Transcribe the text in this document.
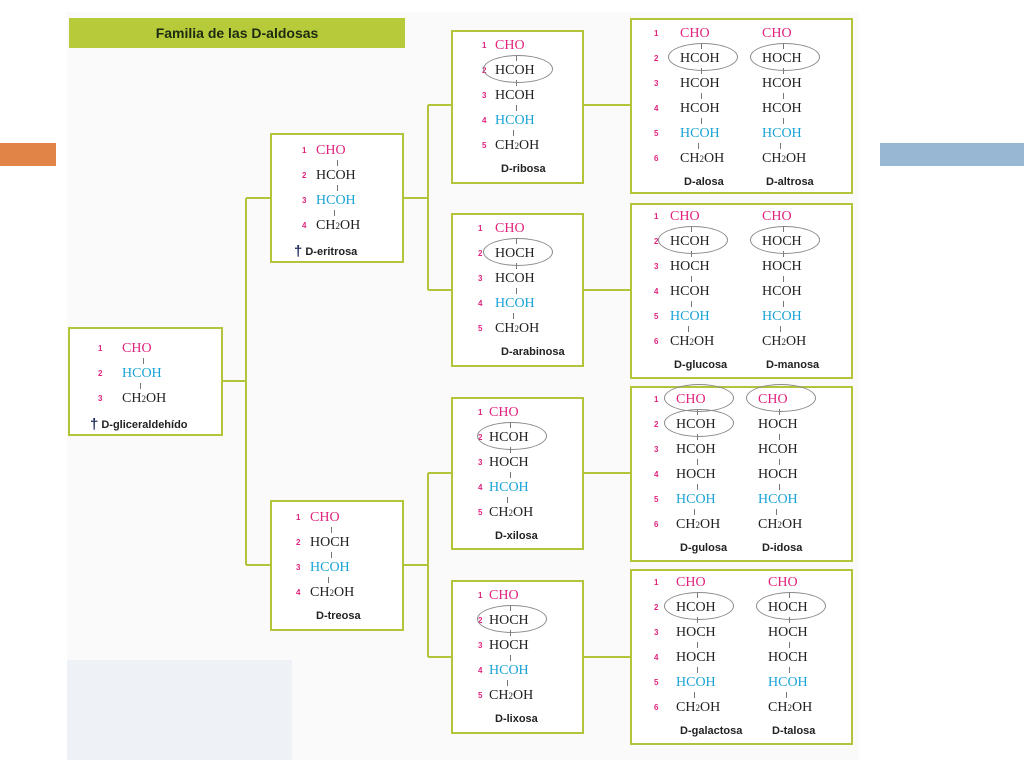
Familia de las D-aldosas
1 CHO
2 HCOH
3 CH2OH
† D-gliceraldehído
1 CHO
2 HCOH
3 HCOH
4 CH2OH
† D-eritrosa
1 CHO
2 HOCH
3 HCOH
4 CH2OH
D-treosa
1 CHO
2 HCOH
3 HCOH
4 HCOH
5 CH2OH
D-ribosa
1 CHO
2 HOCH
3 HCOH
4 HCOH
5 CH2OH
D-arabinosa
1 CHO
2 HCOH
3 HOCH
4 HCOH
5 CH2OH
D-xilosa
1 CHO
2 HOCH
3 HOCH
4 HCOH
5 CH2OH
D-lixosa
1 CHO
2 HCOH
3 HCOH
4 HCOH
5 HCOH
6 CH2OH
D-alosa
CHO
HOCH
HCOH
HCOH
HCOH
CH2OH
D-altrosa
1 CHO
2 HCOH
3 HOCH
4 HCOH
5 HCOH
6 CH2OH
D-glucosa
CHO
HOCH
HOCH
HCOH
HCOH
CH2OH
D-manosa
1 CHO
2 HCOH
3 HCOH
4 HOCH
5 HCOH
6 CH2OH
D-gulosa
CHO
HOCH
HCOH
HOCH
HCOH
CH2OH
D-idosa
1 CHO
2 HCOH
3 HOCH
4 HOCH
5 HCOH
6 CH2OH
D-galactosa
CHO
HOCH
HOCH
HOCH
HCOH
CH2OH
D-talosa
